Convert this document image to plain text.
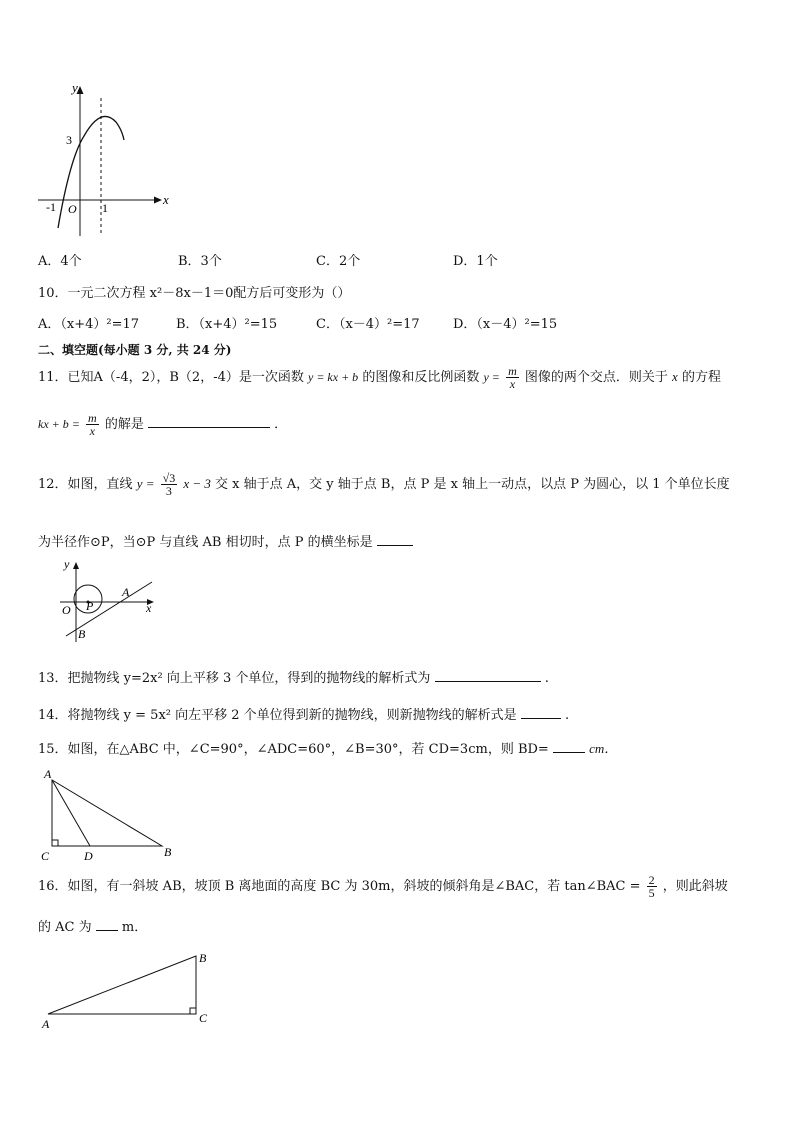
y
x
3
-1 O 1
A．4个	B．3个	C．2个	D．1个
10．一元二次方程 x²－8x－1＝0配方后可变形为（）
A．（x+4）²=17	B．（x+4）²=15	C．（x－4）²=17	D．（x－4）²=15
二、填空题(每小题 3 分, 共 24 分)
11．已知A（-4，2），B（2，-4）是一次函数 y = kx + b 的图像和反比例函数 $y = \frac{m}{x}$ 图像的两个交点．则关于 x 的方程
kx + $b = \frac{m}{x}$ 的解是	．
12．如图，直线 $y = \frac{√3}{3}$ x − 3 交 x 轴于点 A，交 y 轴于点 B，点 P 是 x 轴上一动点，以点 P 为圆心，以 1 个单位长度
为半径作⊙P，当⊙P 与直线 AB 相切时，点 P 的横坐标是
y
x
O P
A
B
13．把抛物线 y=2x² 向上平移 3 个单位，得到的抛物线的解析式为	.
14．将抛物线 y = 5x² 向左平移 2 个单位得到新的抛物线，则新抛物线的解析式是	.
15．如图，在△ABC 中，∠C=90°，∠ADC=60°，∠B=30°，若 CD=3cm，则 BD=	cm．
A
C	D	B
16．如图，有一斜坡 AB，坡顶 B 离地面的高度 BC 为 30m，斜坡的倾斜角是∠BAC，若 tan∠BAC = $\frac{2}{5}$ ，则此斜坡
的 AC 为 m．
A
B
C
